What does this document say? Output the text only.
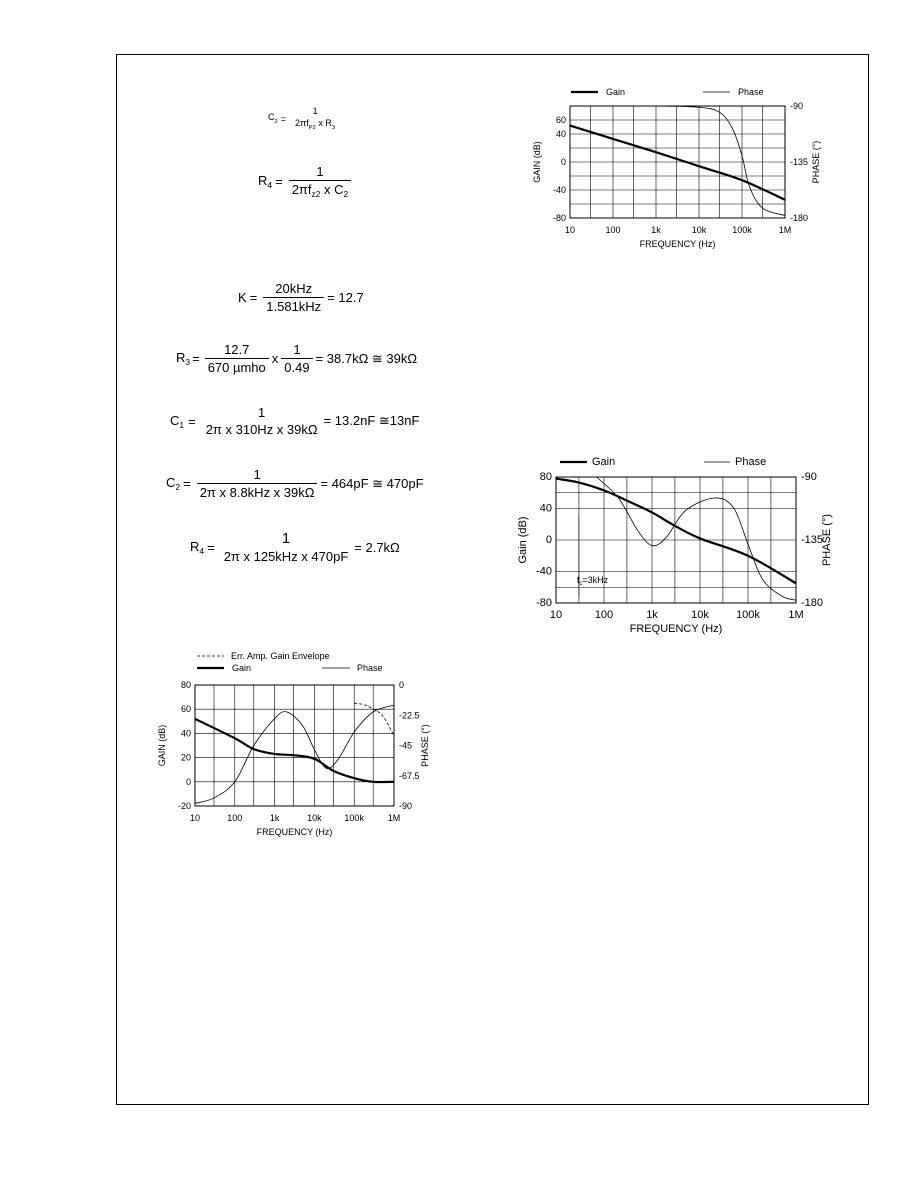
$C_2$ =
1
$2\pi f_{P2}$ x $R_3$
$R_4 = \frac{1}{2\pi f_{z2} x C_2}$
$K = \frac{\text{20kHz}}{\text{1.581kHz}} = 12.7$
$R_3 = \frac{12.7}{\text{670 µmho}}$ x $\frac{1}{0.49} = 38.7k\Omega$ ≅ 39kΩ
$C_1$ =
1
2π x 310Hz x 39kΩ
= 13.2nF ≅13nF
$C_2 = \frac{1}{\text{2π x 8.8kHz x 39kΩ}} = 464pF$ ≅ 470pF
$R_4$ =	1
2π x 125kHz x 470pF
= 2.7kΩ
10	100	1k	10k	100k	1M
60
40
0
-40
-80
-90
-135
-180
FREQUENCY (Hz)
GAIN (dB)	PHASE (°)
Gain	Phase
10	100	1k	10k 100k	1M
80
40
0
-40
-80
-90
-135
-180
FREQUENCY (Hz)
Gain (dB)	PHASE (°)
Gain	Phase
$f_c=3kHz$
10	100	1k	10k	100k	1M
80
60
40
20
0
-20
0
-22.5
-45
-67.5
-90
FREQUENCY (Hz)
GAIN (dB)	PHASE (°)
Err. Amp. Gain Envelope
Gain	Phase
